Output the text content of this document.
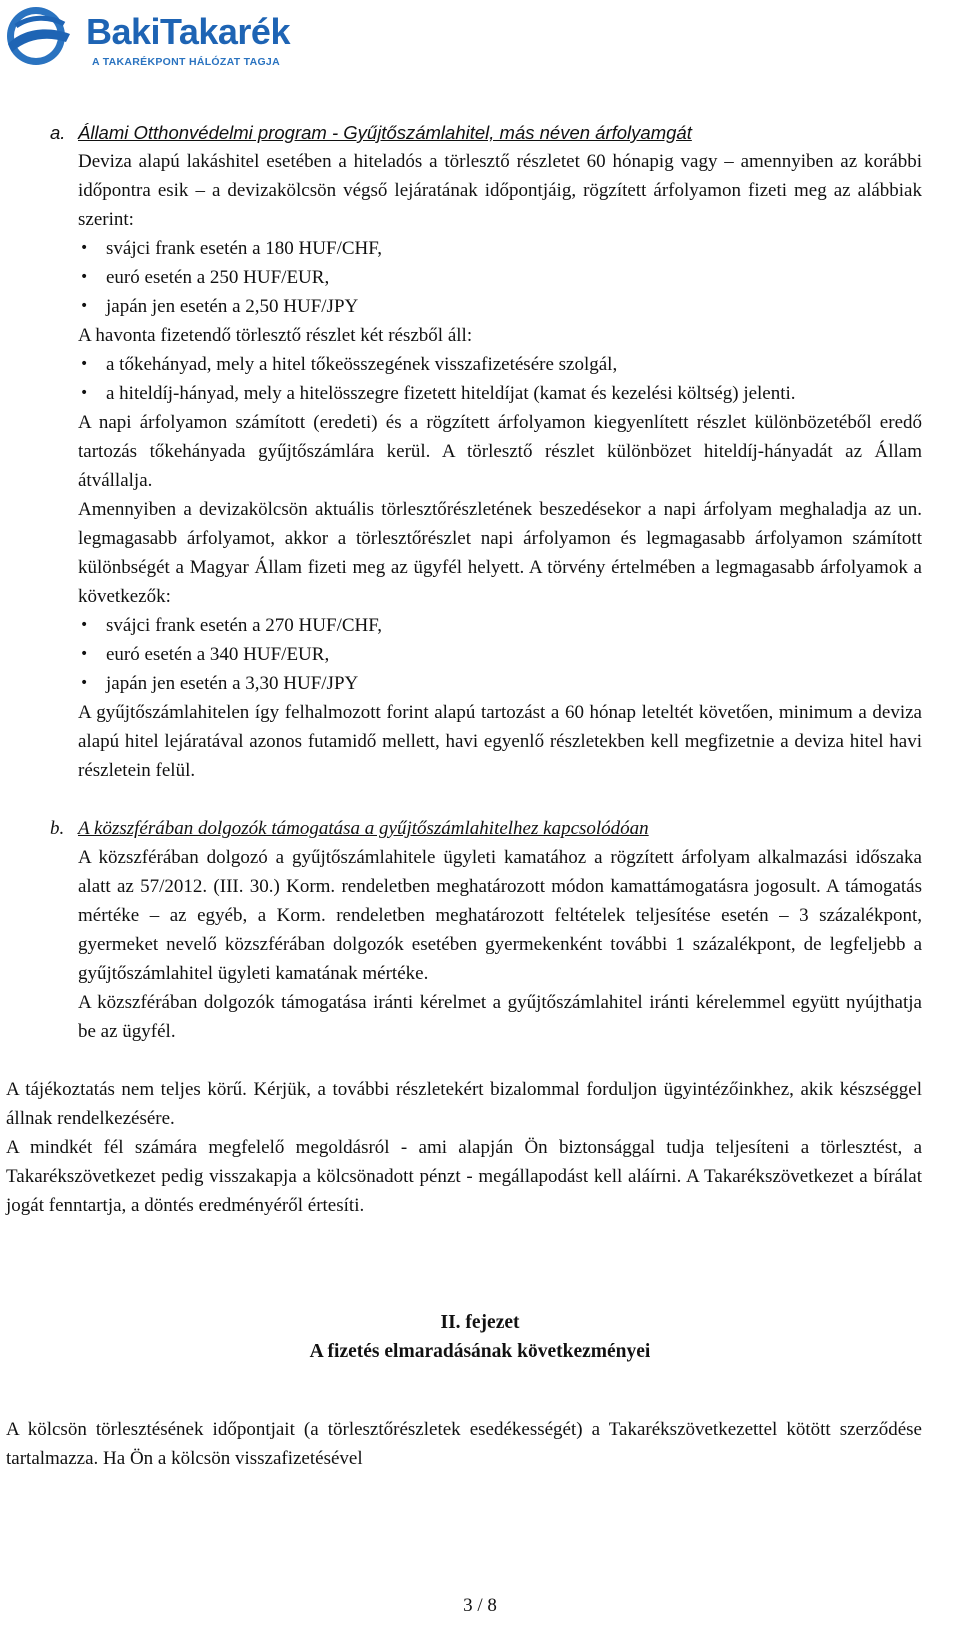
BakiTakarék
A TAKARÉKPONT HÁLÓZAT TAGJA
a. Állami Otthonvédelmi program - Gyűjtőszámlahitel, más néven árfolyamgát
Deviza alapú lakáshitel esetében a hiteladós a törlesztő részletet 60 hónapig vagy – amennyiben az korábbi időpontra esik – a devizakölcsön végső lejáratának időpontjáig, rögzített árfolyamon fizeti meg az alábbiak szerint:
• svájci frank esetén a 180 HUF/CHF,
• euró esetén a 250 HUF/EUR,
• japán jen esetén a 2,50 HUF/JPY
A havonta fizetendő törlesztő részlet két részből áll:
• a tőkehányad, mely a hitel tőkeösszegének visszafizetésére szolgál,
• a hiteldíj-hányad, mely a hitelösszegre fizetett hiteldíjat (kamat és kezelési költség) jelenti.
A napi árfolyamon számított (eredeti) és a rögzített árfolyamon kiegyenlített részlet különbözetéből eredő tartozás tőkehányada gyűjtőszámlára kerül. A törlesztő részlet különbözet hiteldíj-hányadát az Állam átvállalja.
Amennyiben a devizakölcsön aktuális törlesztőrészletének beszedésekor a napi árfolyam meghaladja az un. legmagasabb árfolyamot, akkor a törlesztőrészlet napi árfolyamon és legmagasabb árfolyamon számított különbségét a Magyar Állam fizeti meg az ügyfél helyett. A törvény értelmében a legmagasabb árfolyamok a következők:
• svájci frank esetén a 270 HUF/CHF,
• euró esetén a 340 HUF/EUR,
• japán jen esetén a 3,30 HUF/JPY
A gyűjtőszámlahitelen így felhalmozott forint alapú tartozást a 60 hónap leteltét követően, minimum a deviza alapú hitel lejáratával azonos futamidő mellett, havi egyenlő részletekben kell megfizetnie a deviza hitel havi részletein felül.
b. A közszférában dolgozók támogatása a gyűjtőszámlahitelhez kapcsolódóan
A közszférában dolgozó a gyűjtőszámlahitele ügyleti kamatához a rögzített árfolyam alkalmazási időszaka alatt az 57/2012. (III. 30.) Korm. rendeletben meghatározott módon kamattámogatásra jogosult. A támogatás mértéke – az egyéb, a Korm. rendeletben meghatározott feltételek teljesítése esetén – 3 százalékpont, gyermeket nevelő közszférában dolgozók esetében gyermekenként további 1 százalékpont, de legfeljebb a gyűjtőszámlahitel ügyleti kamatának mértéke.
A közszférában dolgozók támogatása iránti kérelmet a gyűjtőszámlahitel iránti kérelemmel együtt nyújthatja be az ügyfél.
A tájékoztatás nem teljes körű. Kérjük, a további részletekért bizalommal forduljon ügyintézőinkhez, akik készséggel állnak rendelkezésére.
A mindkét fél számára megfelelő megoldásról - ami alapján Ön biztonsággal tudja teljesíteni a törlesztést, a Takarékszövetkezet pedig visszakapja a kölcsönadott pénzt - megállapodást kell aláírni. A Takarékszövetkezet a bírálat jogát fenntartja, a döntés eredményéről értesíti.
II. fejezet
A fizetés elmaradásának következményei
A kölcsön törlesztésének időpontjait (a törlesztőrészletek esedékességét) a Takarékszövetkezettel kötött szerződése tartalmazza. Ha Ön a kölcsön visszafizetésével
3 / 8
